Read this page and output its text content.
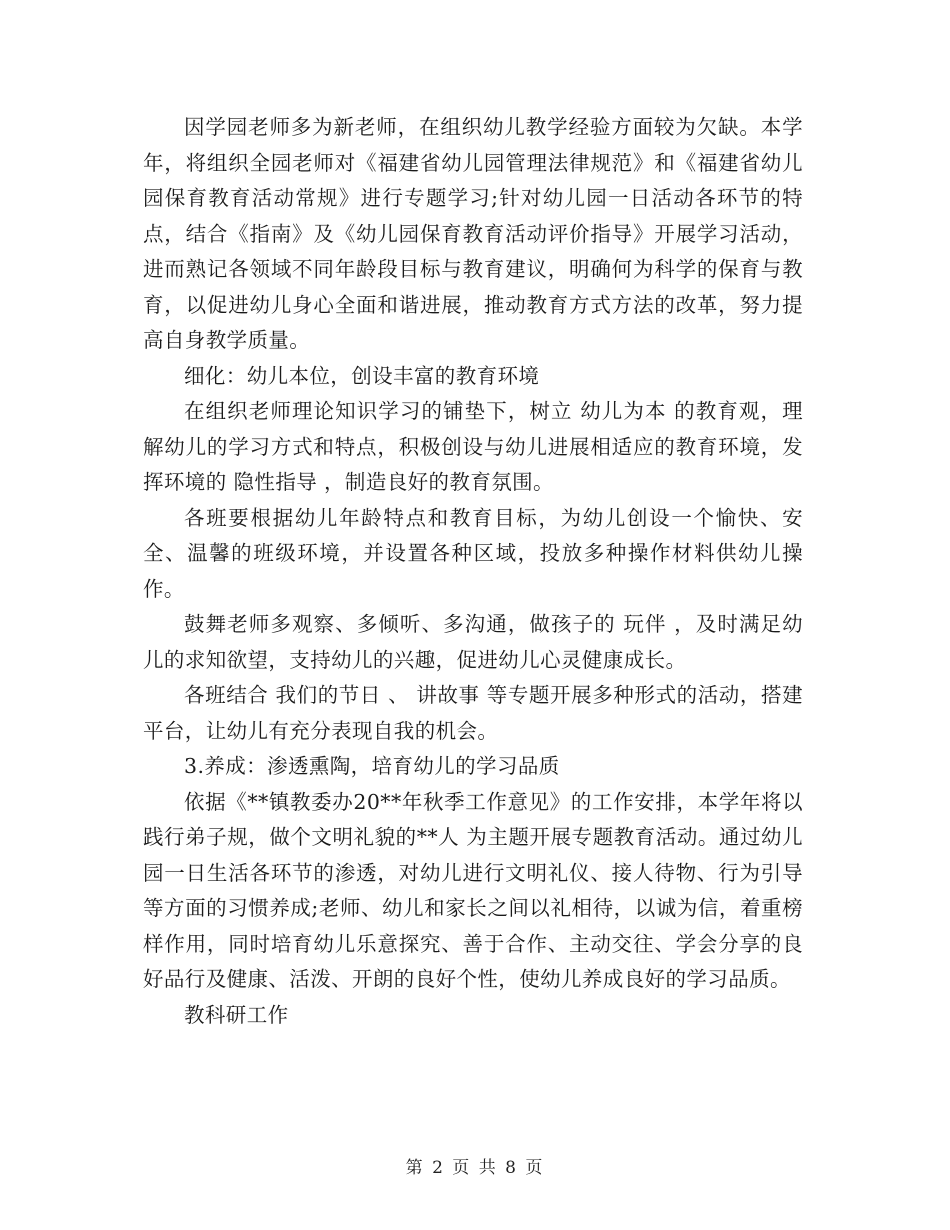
因学园老师多为新老师，在组织幼儿教学经验方面较为欠缺。本学年，将组织全园老师对《福建省幼儿园管理法律规范》和《福建省幼儿园保育教育活动常规》进行专题学习;针对幼儿园一日活动各环节的特点，结合《指南》及《幼儿园保育教育活动评价指导》开展学习活动，进而熟记各领域不同年龄段目标与教育建议，明确何为科学的保育与教育，以促进幼儿身心全面和谐进展，推动教育方式方法的改革，努力提高自身教学质量。

细化：幼儿本位，创设丰富的教育环境

在组织老师理论知识学习的铺垫下，树立 幼儿为本 的教育观，理解幼儿的学习方式和特点，积极创设与幼儿进展相适应的教育环境，发挥环境的 隐性指导 ，制造良好的教育氛围。

各班要根据幼儿年龄特点和教育目标，为幼儿创设一个愉快、安全、温馨的班级环境，并设置各种区域，投放多种操作材料供幼儿操作。

鼓舞老师多观察、多倾听、多沟通，做孩子的 玩伴 ，及时满足幼儿的求知欲望，支持幼儿的兴趣，促进幼儿心灵健康成长。

各班结合 我们的节日 、 讲故事 等专题开展多种形式的活动，搭建平台，让幼儿有充分表现自我的机会。

3.养成：渗透熏陶，培育幼儿的学习品质

依据《**镇教委办20**年秋季工作意见》的工作安排，本学年将以 践行弟子规，做个文明礼貌的**人 为主题开展专题教育活动。通过幼儿园一日生活各环节的渗透，对幼儿进行文明礼仪、接人待物、行为引导等方面的习惯养成;老师、幼儿和家长之间以礼相待，以诚为信，着重榜样作用，同时培育幼儿乐意探究、善于合作、主动交往、学会分享的良好品行及健康、活泼、开朗的良好个性，使幼儿养成良好的学习品质。

教科研工作

第 2 页 共 8 页
